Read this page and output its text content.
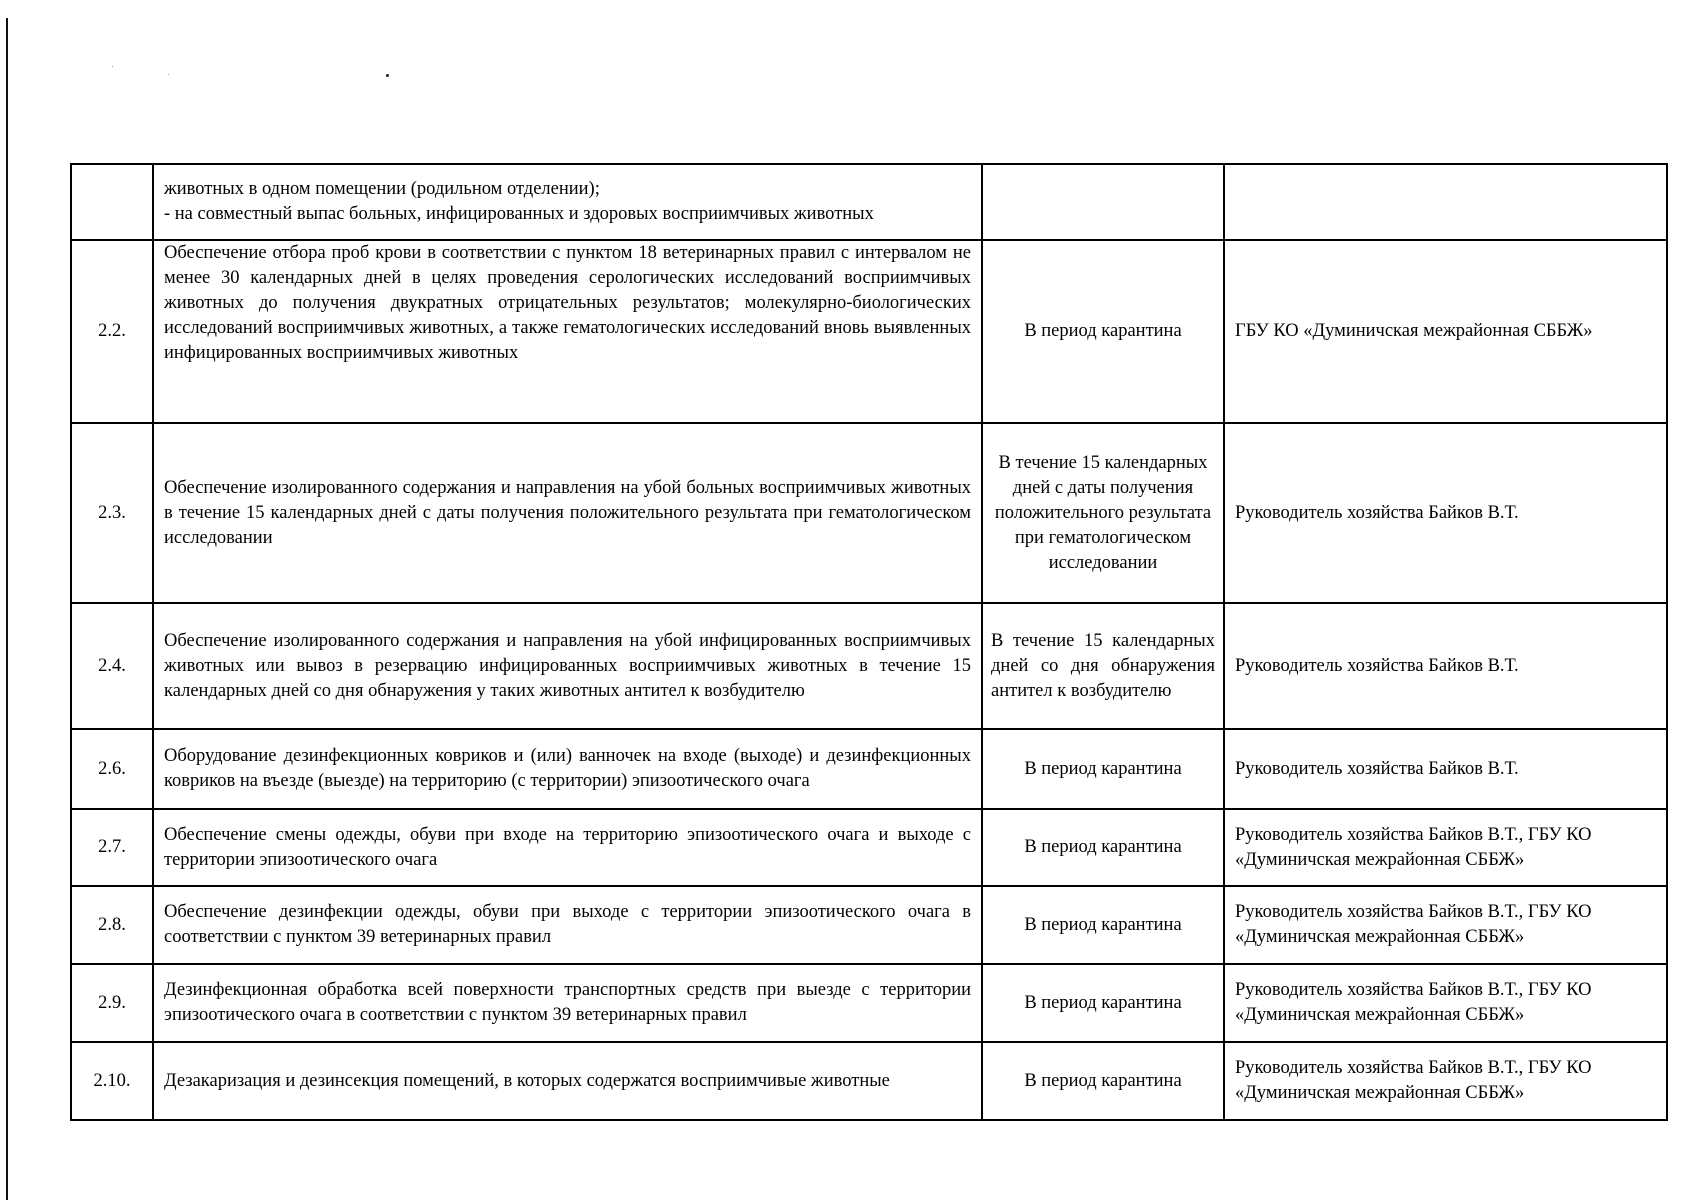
	животных в одном помещении (родильном отделении);
- на совместный выпас больных, инфицированных и здоровых восприимчивых животных		

2.2.	Обеспечение отбора проб крови в соответствии с пунктом 18 ветеринарных правил с интервалом не менее 30 календарных дней в целях проведения серологических исследований восприимчивых животных до получения двукратных отрицательных результатов; молекулярно-биологических исследований восприимчивых животных, а также гематологических исследований вновь выявленных инфицированных восприимчивых животных	В период карантина	ГБУ КО «Думиничская межрайонная СББЖ»
2.3.	Обеспечение изолированного содержания и направления на убой больных восприимчивых животных в течение 15 календарных дней с даты получения положительного результата при гематологическом исследовании	В течение 15 календарных дней с даты получения положительного результата при гематологическом исследовании	Руководитель хозяйства Байков В.Т.
2.4.	Обеспечение изолированного содержания и направления на убой инфицированных восприимчивых животных или вывоз в резервацию инфицированных восприимчивых животных в течение 15 календарных дней со дня обнаружения у таких животных антител к возбудителю	В течение 15 календарных дней со дня обнаружения антител к возбудителю	Руководитель хозяйства Байков В.Т.
2.6.	Оборудование дезинфекционных ковриков и (или) ванночек на входе (выходе) и дезинфекционных ковриков на въезде (выезде) на территорию (с территории) эпизоотического очага	В период карантина	Руководитель хозяйства Байков В.Т.
2.7.	Обеспечение смены одежды, обуви при входе на территорию эпизоотического очага и выходе с территории эпизоотического очага	В период карантина	Руководитель хозяйства Байков В.Т., ГБУ КО «Думиничская межрайонная СББЖ»
2.8.	Обеспечение дезинфекции одежды, обуви при выходе с территории эпизоотического очага в соответствии с пунктом 39 ветеринарных правил	В период карантина	Руководитель хозяйства Байков В.Т., ГБУ КО «Думиничская межрайонная СББЖ»
2.9.	Дезинфекционная обработка всей поверхности транспортных средств при выезде с территории эпизоотического очага в соответствии с пунктом 39 ветеринарных правил	В период карантина	Руководитель хозяйства Байков В.Т., ГБУ КО «Думиничская межрайонная СББЖ»
2.10.	Дезакаризация и дезинсекция помещений, в которых содержатся восприимчивые животные	В период карантина	Руководитель хозяйства Байков В.Т., ГБУ КО «Думиничская межрайонная СББЖ»
